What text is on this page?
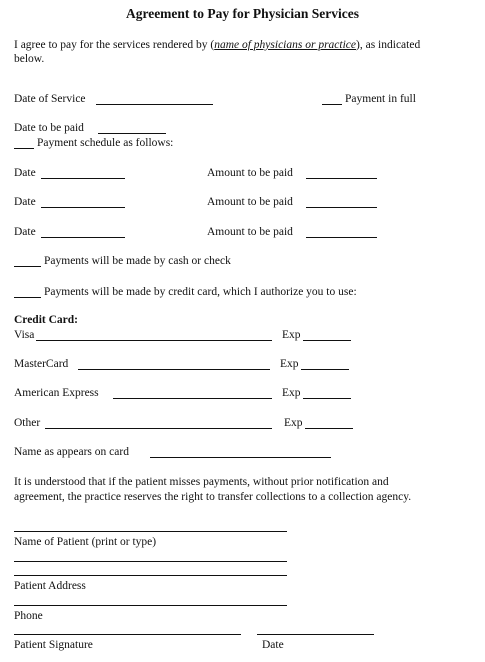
Agreement to Pay for Physician Services
I agree to pay for the services rendered by (name of physicians or practice), as indicated
below.
Date of Service	Payment in full
Date to be paid
Payment schedule as follows:
Date	Amount to be paid
Date	Amount to be paid
Date	Amount to be paid
Payments will be made by cash or check
Payments will be made by credit card, which I authorize you to use:
Credit Card:
Visa	Exp
MasterCard	Exp
American Express	Exp
Other	Exp
Name as appears on card
It is understood that if the patient misses payments, without prior notification and
agreement, the practice reserves the right to transfer collections to a collection agency.
Name of Patient (print or type)
Patient Address
Phone
Patient Signature	Date
